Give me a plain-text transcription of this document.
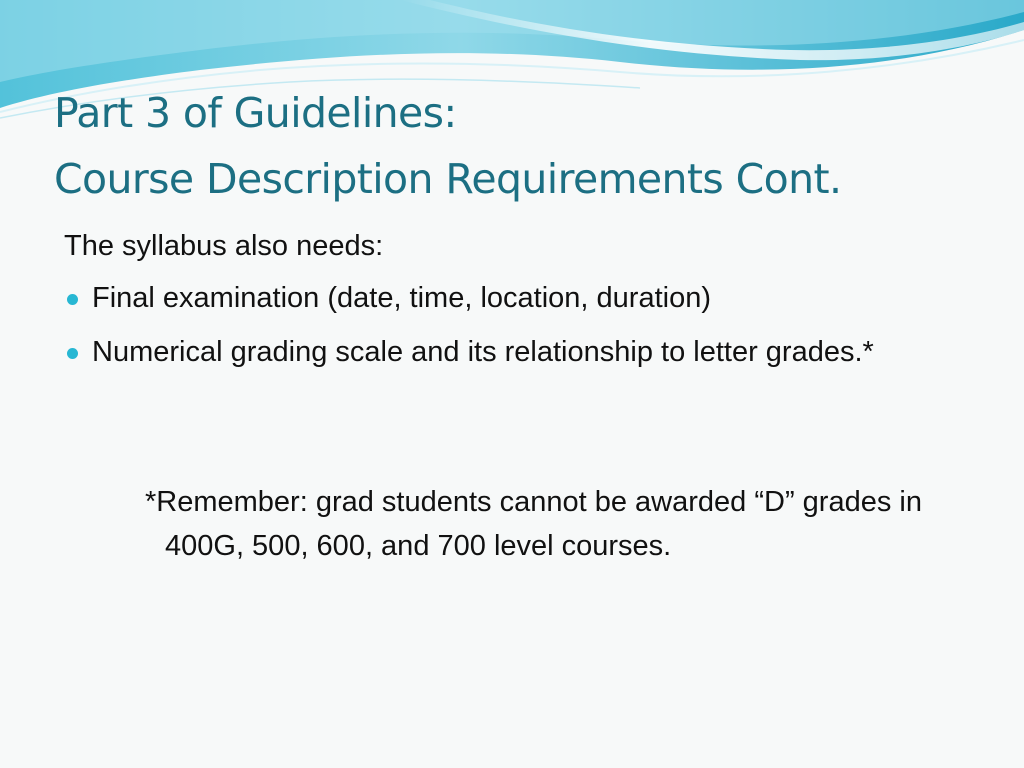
Part 3 of Guidelines:
Course Description Requirements Cont.
The syllabus also needs:
Final examination (date, time, location, duration)
Numerical grading scale and its relationship to letter grades.*
*Remember: grad students cannot be awarded “D” grades in 400G, 500, 600, and 700 level courses.
